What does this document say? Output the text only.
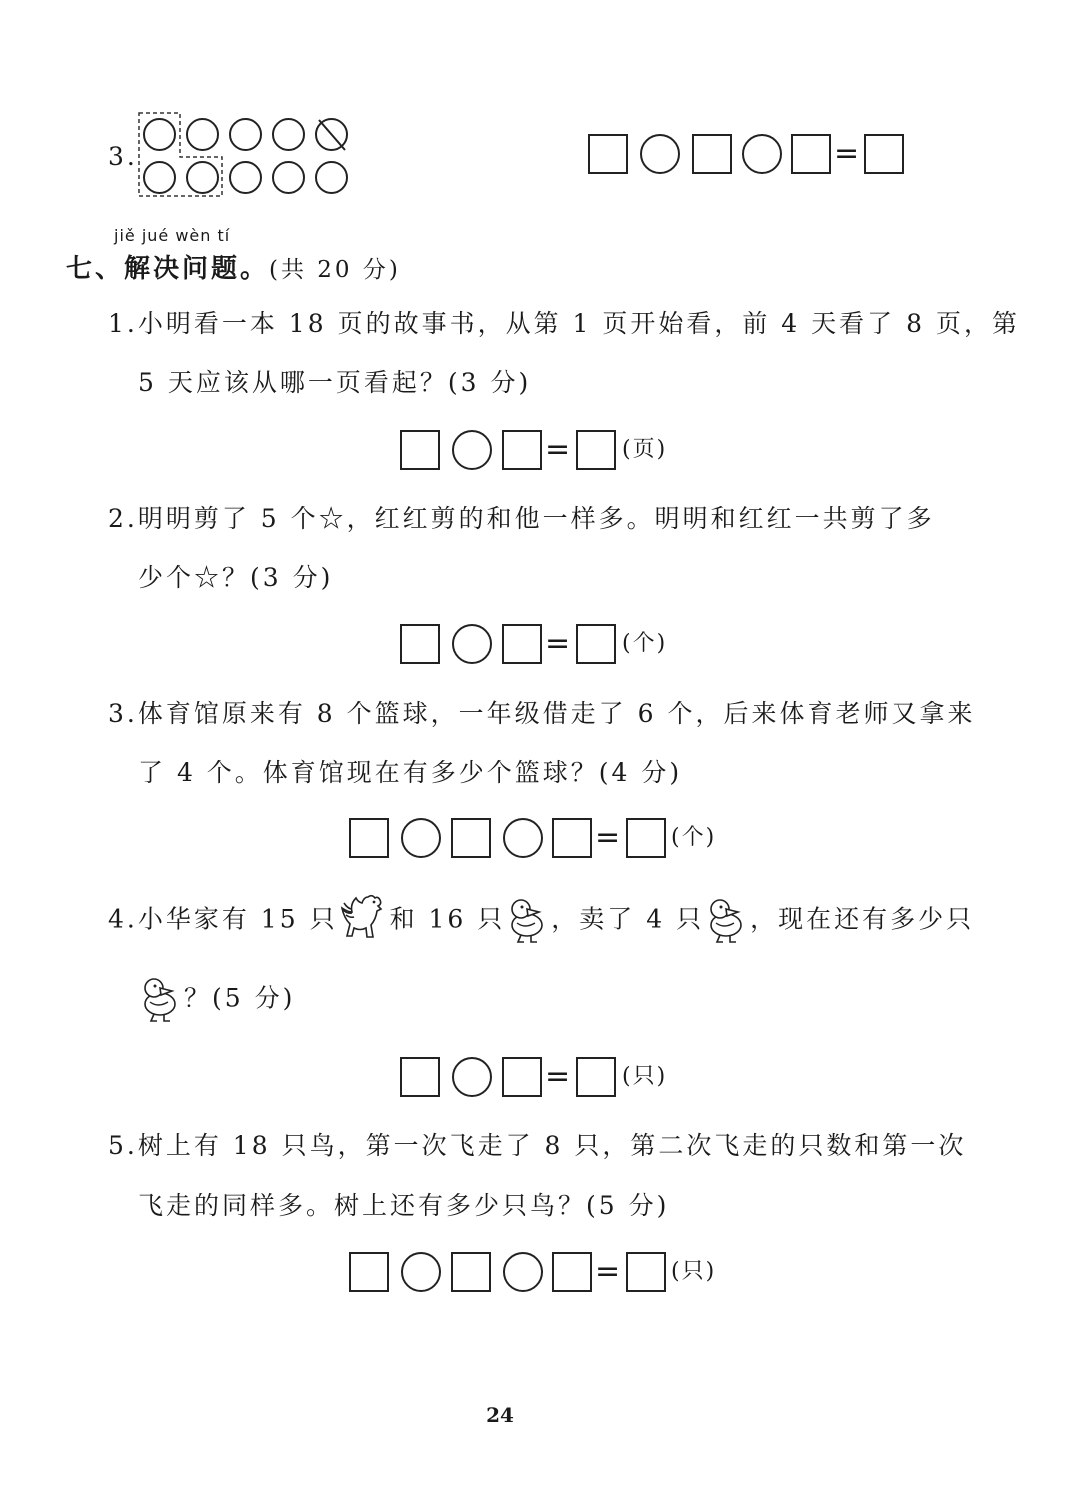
3.	=
jiě jué wèn tí
七、解决问题。(共 20 分)
1.小明看一本 18 页的故事书，从第 1 页开始看，前 4 天看了 8 页，第
5 天应该从哪一页看起？(3 分)
= (页)
2.明明剪了 5 个☆，红红剪的和他一样多。明明和红红一共剪了多
少个☆？(3 分)
= (个)
3.体育馆原来有 8 个篮球，一年级借走了 6 个，后来体育老师又拿来
了 4 个。体育馆现在有多少个篮球？(4 分)
= (个)
4.小华家有 15 只 和 16 只 ，卖了 4 只 ，现在还有多少只
？(5 分)
= (只)
5.树上有 18 只鸟，第一次飞走了 8 只，第二次飞走的只数和第一次
飞走的同样多。树上还有多少只鸟？(5 分)
= (只)
24
